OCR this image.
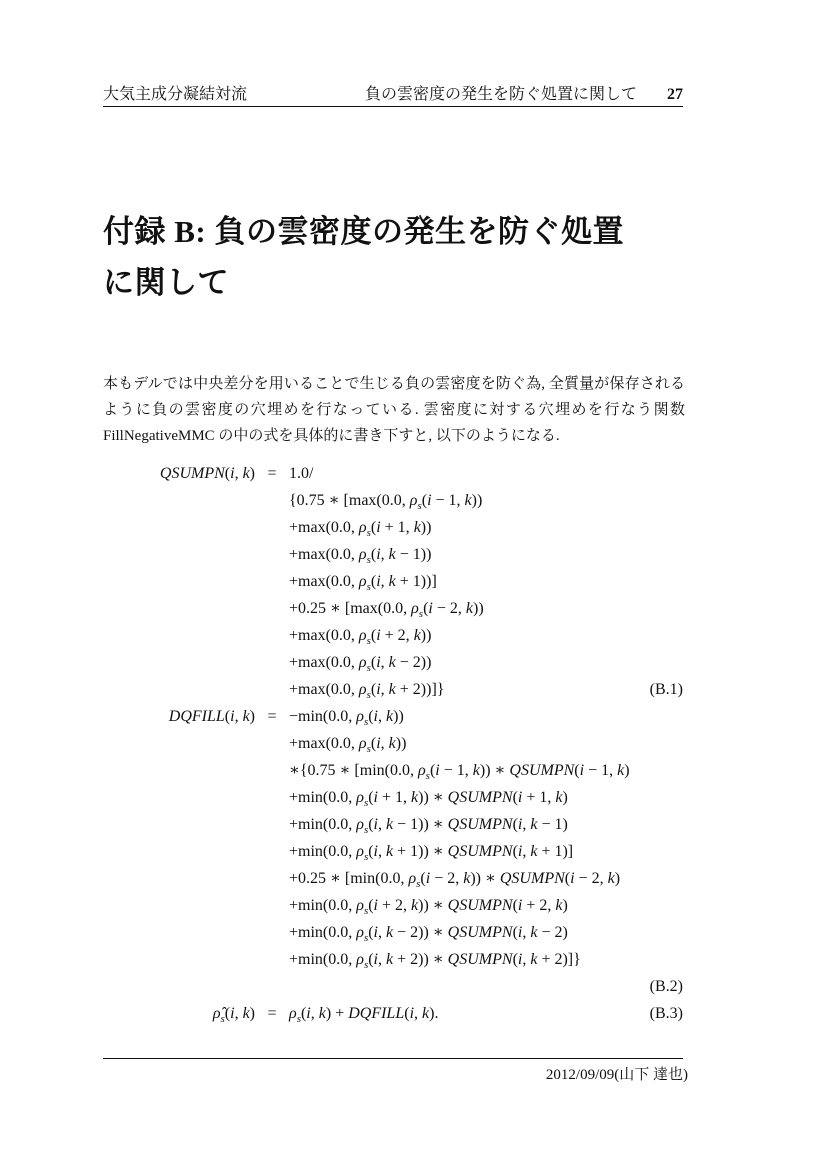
大気主成分凝結対流	負の雲密度の発生を防ぐ処置に関して 27
付録 B: 負の雲密度の発生を防ぐ処置
に関して
本もデルでは中央差分を用いることで生じる負の雲密度を防ぐ為, 全質量が保存されるように負の雲密度の穴埋めを行なっている. 雲密度に対する穴埋めを行なう関数 FillNegativeMMC の中の式を具体的に書き下すと, 以下のようになる.
QSUMPN(i, k) = 1.0/
{0.75 ∗ [max(0.0, $\rho_s(i - 1$, k))
+max(0.0, $\rho_s(i + 1$, k))
+max(0.0, $\rho_s(i$, k − 1))
+max(0.0, $\rho_s(i$, k + 1))]
+0.25 ∗ [max(0.0, $\rho_s(i - 2$, k))
+max(0.0, $\rho_s(i + 2$, k))
+max(0.0, $\rho_s(i$, k − 2))
+max(0.0, $\rho_s(i$, k + 2))]}	(B.1)
DQFILL(i, k) = −min(0.0, $\rho_s(i$, k))
+max(0.0, $\rho_s(i$, k))
∗{0.75 ∗ [min(0.0, $\rho_s(i - 1$, k)) ∗ QSUMPN(i − 1, k)
+min(0.0, $\rho_s(i + 1$, k)) ∗ QSUMPN(i + 1, k)
+min(0.0, $\rho_s(i$, k − 1)) ∗ QSUMPN(i, k − 1)
+min(0.0, $\rho_s(i$, k + 1)) ∗ QSUMPN(i, k + 1)]
+0.25 ∗ [min(0.0, $\rho_s(i - 2$, k)) ∗ QSUMPN(i − 2, k)
+min(0.0, $\rho_s(i + 2$, k)) ∗ QSUMPN(i + 2, k)
+min(0.0, $\rho_s(i$, k − 2)) ∗ QSUMPN(i, k − 2)
+min(0.0, $\rho_s(i$, k + 2)) ∗ QSUMPN(i, k + 2)]}
(B.2)
$\rhô_s(i$, $k) = \rho_s(i$, k) + DQFILL(i, k).	(B.3)
2012/09/09(山下 達也)
